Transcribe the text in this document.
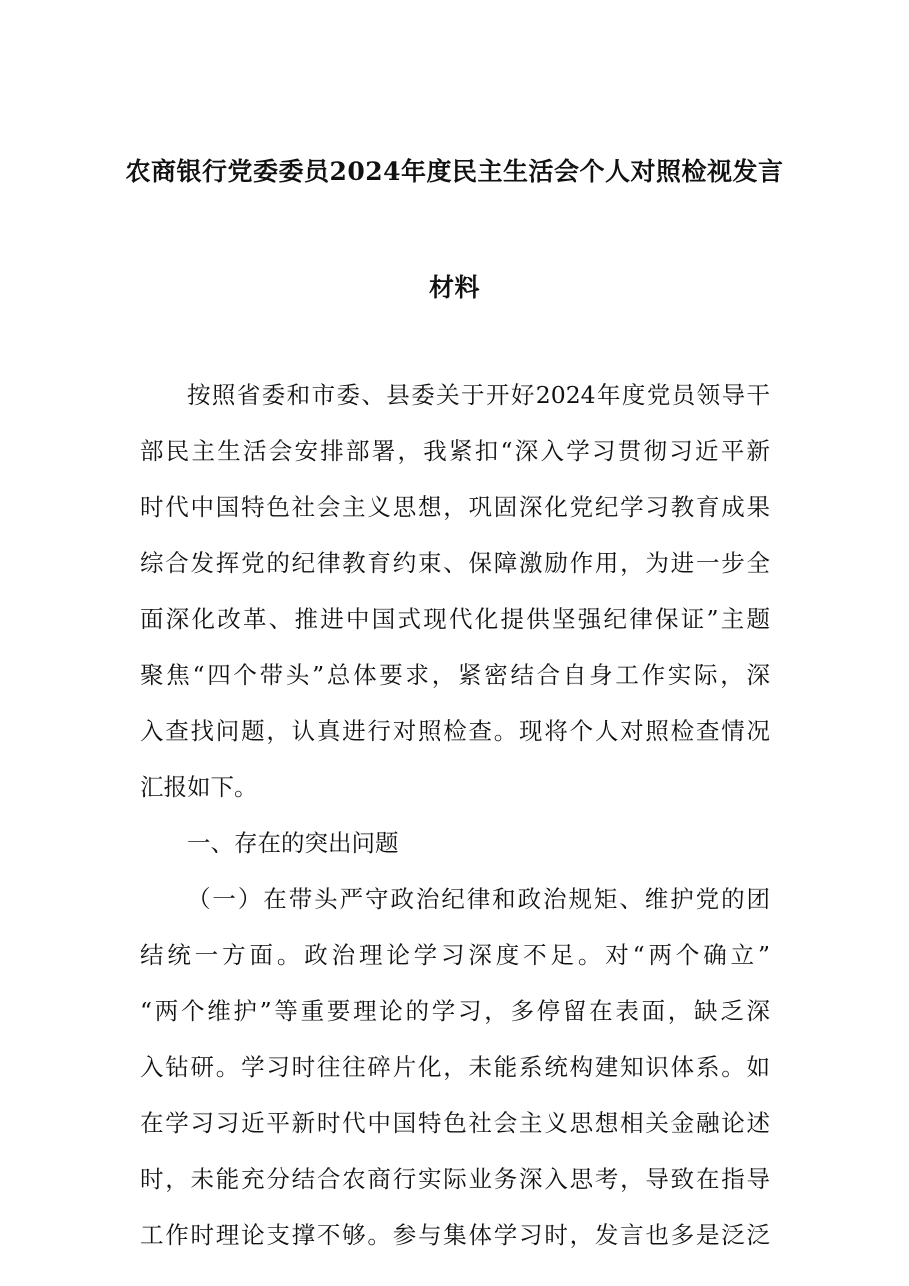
农商银行党委委员2024年度民主生活会个人对照检视发言
材料
按照省委和市委、县委关于开好2024年度党员领导干
部民主生活会安排部署，我紧扣“深入学习贯彻习近平新
时代中国特色社会主义思想，巩固深化党纪学习教育成果
综合发挥党的纪律教育约束、保障激励作用，为进一步全
面深化改革、推进中国式现代化提供坚强纪律保证”主题
聚焦“四个带头”总体要求，紧密结合自身工作实际，深
入查找问题，认真进行对照检查。现将个人对照检查情况
汇报如下。
一、存在的突出问题
（一）在带头严守政治纪律和政治规矩、维护党的团
结统一方面。政治理论学习深度不足。对“两个确立”
“两个维护”等重要理论的学习，多停留在表面，缺乏深
入钻研。学习时往往碎片化，未能系统构建知识体系。如
在学习习近平新时代中国特色社会主义思想相关金融论述
时，未能充分结合农商行实际业务深入思考，导致在指导
工作时理论支撑不够。参与集体学习时，发言也多是泛泛
